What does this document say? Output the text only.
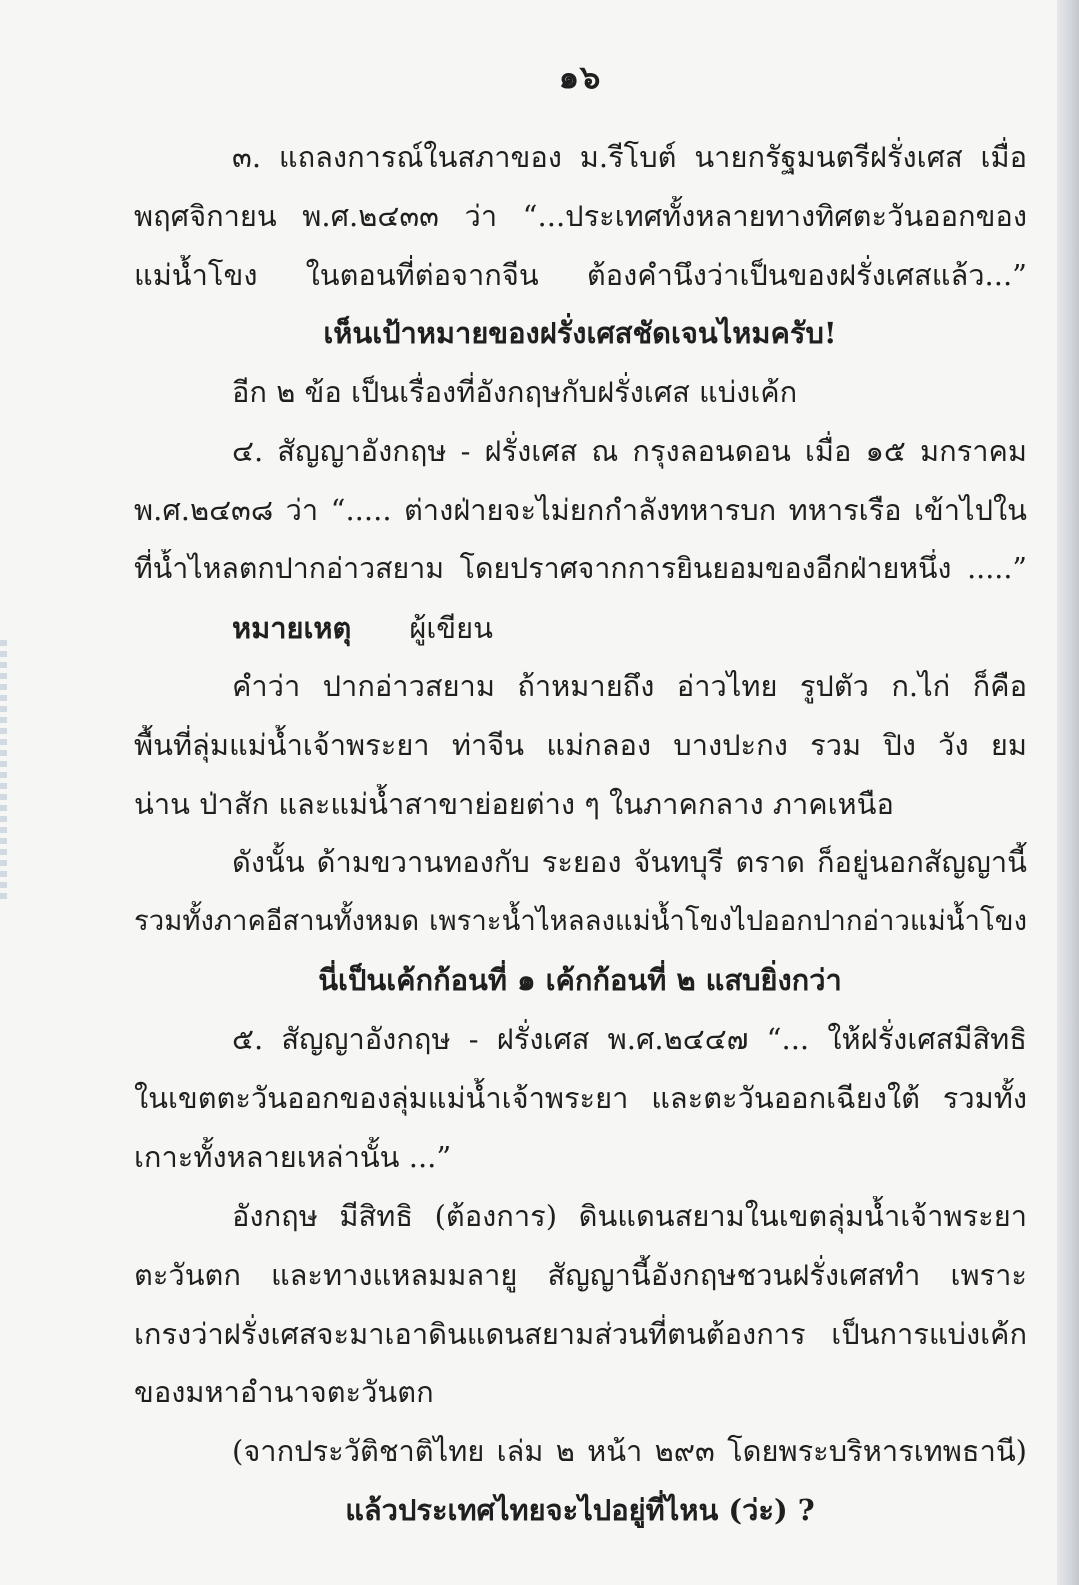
๑๖
๓. แถลงการณ์ในสภาของ ม.รีโบต์ นายกรัฐมนตรีฝรั่งเศส เมื่อ
พฤศจิกายน พ.ศ.๒๔๓๓ ว่า “...ประเทศทั้งหลายทางทิศตะวันออกของ
แม่น้ำโขง ในตอนที่ต่อจากจีน ต้องคำนึงว่าเป็นของฝรั่งเศสแล้ว...”
เห็นเป้าหมายของฝรั่งเศสชัดเจนไหมครับ!
อีก ๒ ข้อ เป็นเรื่องที่อังกฤษกับฝรั่งเศส แบ่งเค้ก
๔. สัญญาอังกฤษ - ฝรั่งเศส ณ กรุงลอนดอน เมื่อ ๑๕ มกราคม
พ.ศ.๒๔๓๘ ว่า “..... ต่างฝ่ายจะไม่ยกกำลังทหารบก ทหารเรือ เข้าไปใน
ที่น้ำไหลตกปากอ่าวสยาม โดยปราศจากการยินยอมของอีกฝ่ายหนึ่ง .....”
หมายเหตุ ผู้เขียน
คำว่า ปากอ่าวสยาม ถ้าหมายถึง อ่าวไทย รูปตัว ก.ไก่ ก็คือ
พื้นที่ลุ่มแม่น้ำเจ้าพระยา ท่าจีน แม่กลอง บางปะกง รวม ปิง วัง ยม
น่าน ป่าสัก และแม่น้ำสาขาย่อยต่าง ๆ ในภาคกลาง ภาคเหนือ
ดังนั้น ด้ามขวานทองกับ ระยอง จันทบุรี ตราด ก็อยู่นอกสัญญานี้
รวมทั้งภาคอีสานทั้งหมด เพราะน้ำไหลลงแม่น้ำโขงไปออกปากอ่าวแม่น้ำโขง
นี่เป็นเค้กก้อนที่ ๑ เค้กก้อนที่ ๒ แสบยิ่งกว่า
๕. สัญญาอังกฤษ - ฝรั่งเศส พ.ศ.๒๔๔๗ “... ให้ฝรั่งเศสมีสิทธิ
ในเขตตะวันออกของลุ่มแม่น้ำเจ้าพระยา และตะวันออกเฉียงใต้ รวมทั้ง
เกาะทั้งหลายเหล่านั้น ...”
อังกฤษ มีสิทธิ (ต้องการ) ดินแดนสยามในเขตลุ่มน้ำเจ้าพระยา
ตะวันตก และทางแหลมมลายู สัญญานี้อังกฤษชวนฝรั่งเศสทำ เพราะ
เกรงว่าฝรั่งเศสจะมาเอาดินแดนสยามส่วนที่ตนต้องการ เป็นการแบ่งเค้ก
ของมหาอำนาจตะวันตก
(จากประวัติชาติไทย เล่ม ๒ หน้า ๒๙๓ โดยพระบริหารเทพธานี)
แล้วประเทศไทยจะไปอยู่ที่ไหน (ว่ะ) ?
